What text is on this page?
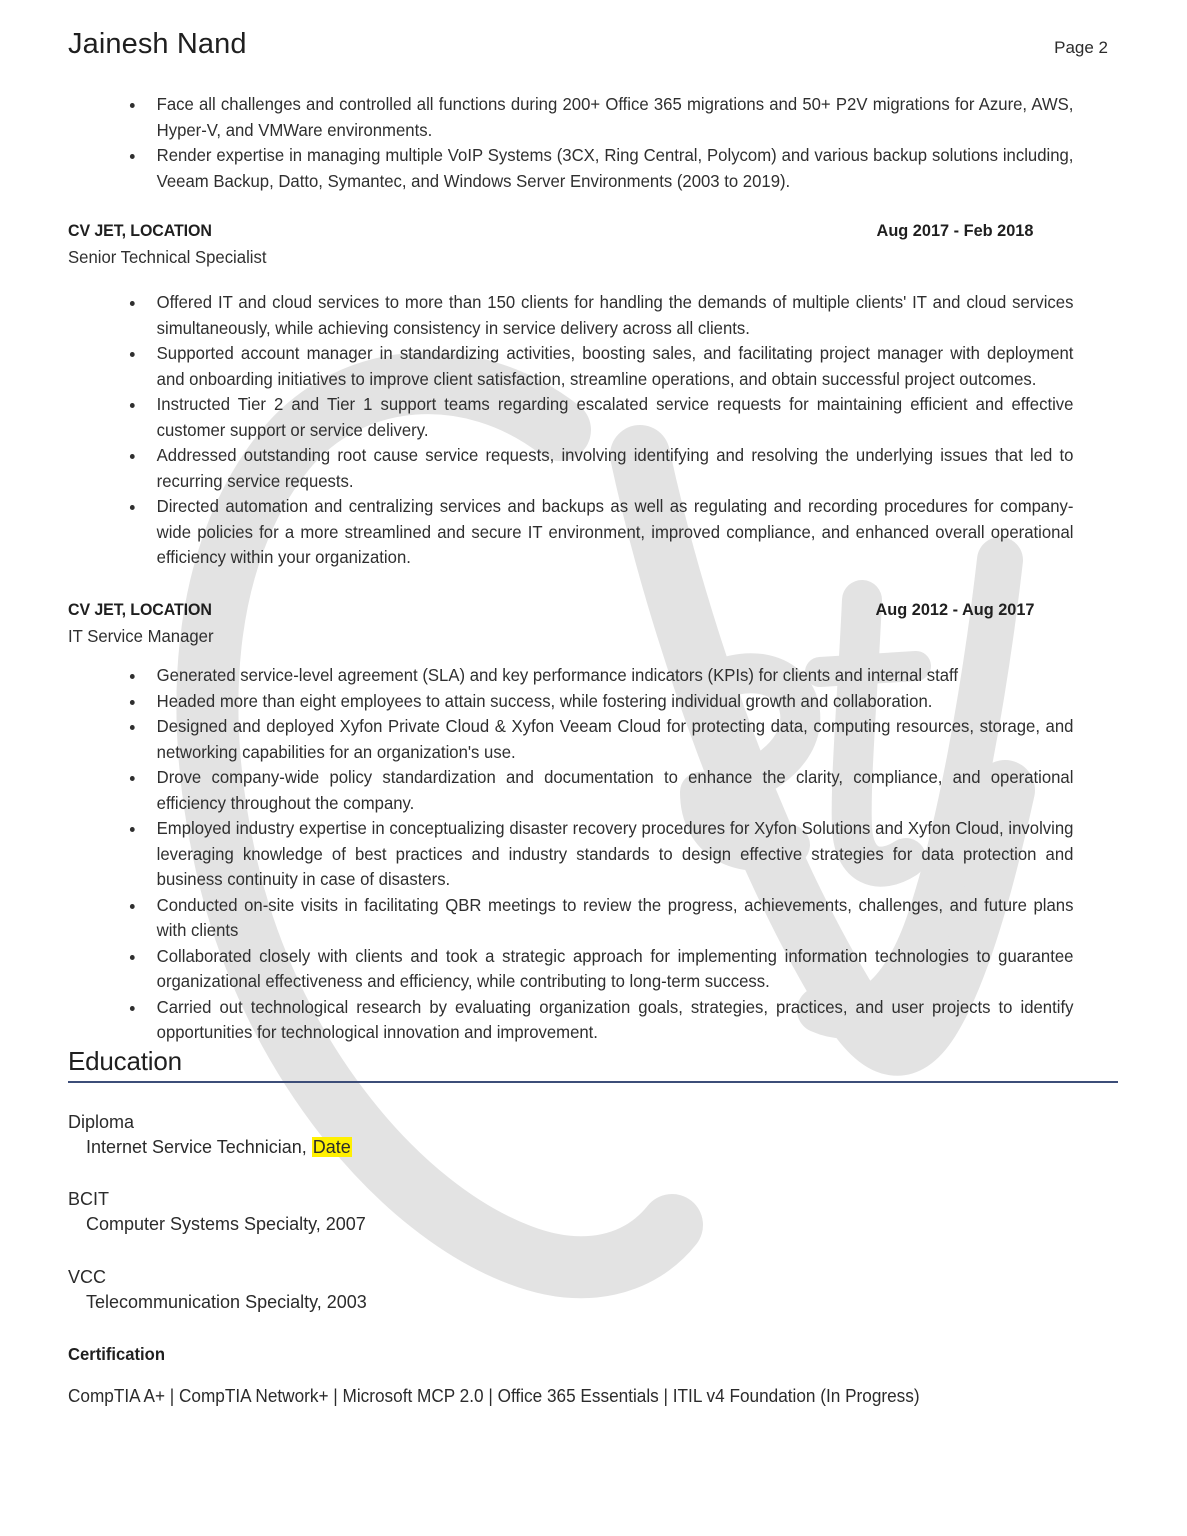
Jainesh Nand	Page 2
Face all challenges and controlled all functions during 200+ Office 365 migrations and 50+ P2V migrations for Azure, AWS, Hyper-V, and VMWare environments.
Render expertise in managing multiple VoIP Systems (3CX, Ring Central, Polycom) and various backup solutions including, Veeam Backup, Datto, Symantec, and Windows Server Environments (2003 to 2019).
CV JET, LOCATION	Aug 2017 - Feb 2018
Senior Technical Specialist
Offered IT and cloud services to more than 150 clients for handling the demands of multiple clients' IT and cloud services simultaneously, while achieving consistency in service delivery across all clients.
Supported account manager in standardizing activities, boosting sales, and facilitating project manager with deployment and onboarding initiatives to improve client satisfaction, streamline operations, and obtain successful project outcomes.
Instructed Tier 2 and Tier 1 support teams regarding escalated service requests for maintaining efficient and effective customer support or service delivery.
Addressed outstanding root cause service requests, involving identifying and resolving the underlying issues that led to recurring service requests.
Directed automation and centralizing services and backups as well as regulating and recording procedures for company-wide policies for a more streamlined and secure IT environment, improved compliance, and enhanced overall operational efficiency within your organization.
CV JET, LOCATION	Aug 2012 - Aug 2017
IT Service Manager
Generated service-level agreement (SLA) and key performance indicators (KPIs) for clients and internal staff
Headed more than eight employees to attain success, while fostering individual growth and collaboration.
Designed and deployed Xyfon Private Cloud & Xyfon Veeam Cloud for protecting data, computing resources, storage, and networking capabilities for an organization's use.
Drove company-wide policy standardization and documentation to enhance the clarity, compliance, and operational efficiency throughout the company.
Employed industry expertise in conceptualizing disaster recovery procedures for Xyfon Solutions and Xyfon Cloud, involving leveraging knowledge of best practices and industry standards to design effective strategies for data protection and business continuity in case of disasters.
Conducted on-site visits in facilitating QBR meetings to review the progress, achievements, challenges, and future plans with clients
Collaborated closely with clients and took a strategic approach for implementing information technologies to guarantee organizational effectiveness and efficiency, while contributing to long-term success.
Carried out technological research by evaluating organization goals, strategies, practices, and user projects to identify opportunities for technological innovation and improvement.
Education
Diploma
Internet Service Technician, Date
BCIT
Computer Systems Specialty, 2007
VCC
Telecommunication Specialty, 2003
Certification
CompTIA A+ | CompTIA Network+ | Microsoft MCP 2.0 | Office 365 Essentials | ITIL v4 Foundation (In Progress)
